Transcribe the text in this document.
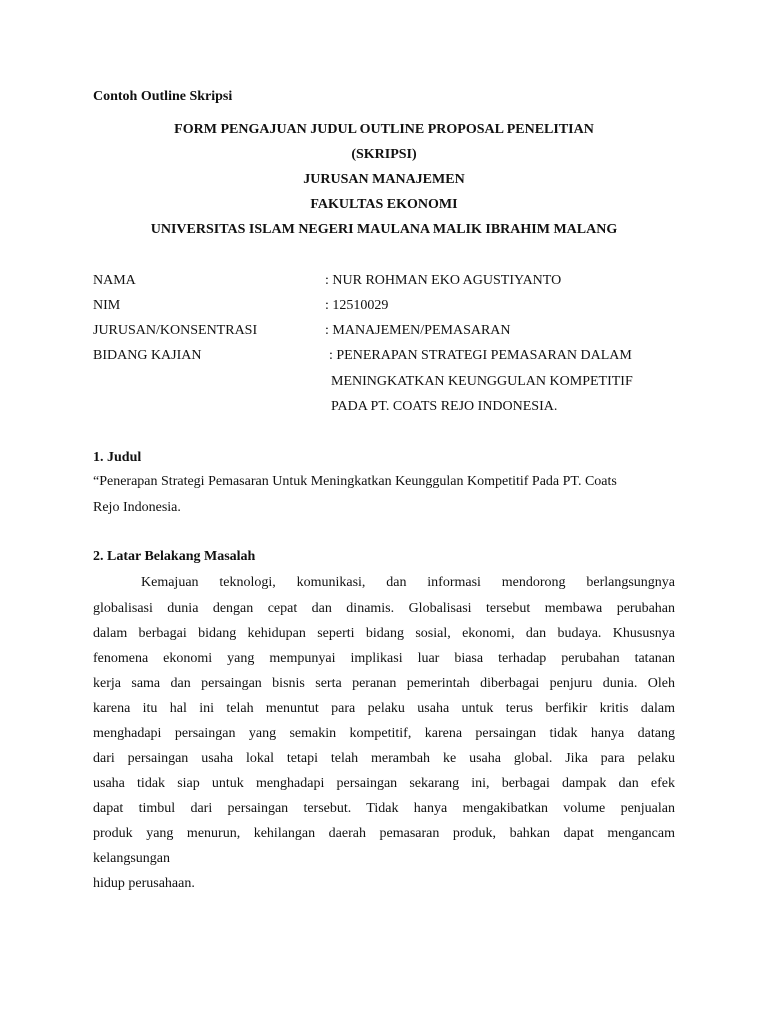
Contoh Outline Skripsi
FORM PENGAJUAN JUDUL OUTLINE PROPOSAL PENELITIAN
(SKRIPSI)
JURUSAN MANAJEMEN
FAKULTAS EKONOMI
UNIVERSITAS ISLAM NEGERI MAULANA MALIK IBRAHIM MALANG
NAMA	: NUR ROHMAN EKO AGUSTIYANTO
NIM	: 12510029
JURUSAN/KONSENTRASI	: MANAJEMEN/PEMASARAN
BIDANG KAJIAN	: PENERAPAN STRATEGI PEMASARAN DALAM
MENINGKATKAN KEUNGGULAN KOMPETITIF
PADA PT. COATS REJO INDONESIA.
1. Judul
“Penerapan Strategi Pemasaran Untuk Meningkatkan Keunggulan Kompetitif Pada PT. Coats
Rejo Indonesia.
2. Latar Belakang Masalah
Kemajuan teknologi, komunikasi, dan informasi mendorong berlangsungnya
globalisasi dunia dengan cepat dan dinamis. Globalisasi tersebut membawa perubahan
dalam berbagai bidang kehidupan seperti bidang sosial, ekonomi, dan budaya. Khususnya
fenomena ekonomi yang mempunyai implikasi luar biasa terhadap perubahan tatanan
kerja sama dan persaingan bisnis serta peranan pemerintah diberbagai penjuru dunia. Oleh
karena itu hal ini telah menuntut para pelaku usaha untuk terus berfikir kritis dalam
menghadapi persaingan yang semakin kompetitif, karena persaingan tidak hanya datang
dari persaingan usaha lokal tetapi telah merambah ke usaha global. Jika para pelaku
usaha tidak siap untuk menghadapi persaingan sekarang ini, berbagai dampak dan efek
dapat timbul dari persaingan tersebut. Tidak hanya mengakibatkan volume penjualan
produk yang menurun, kehilangan daerah pemasaran produk, bahkan dapat mengancam
kelangsungan
hidup perusahaan.
